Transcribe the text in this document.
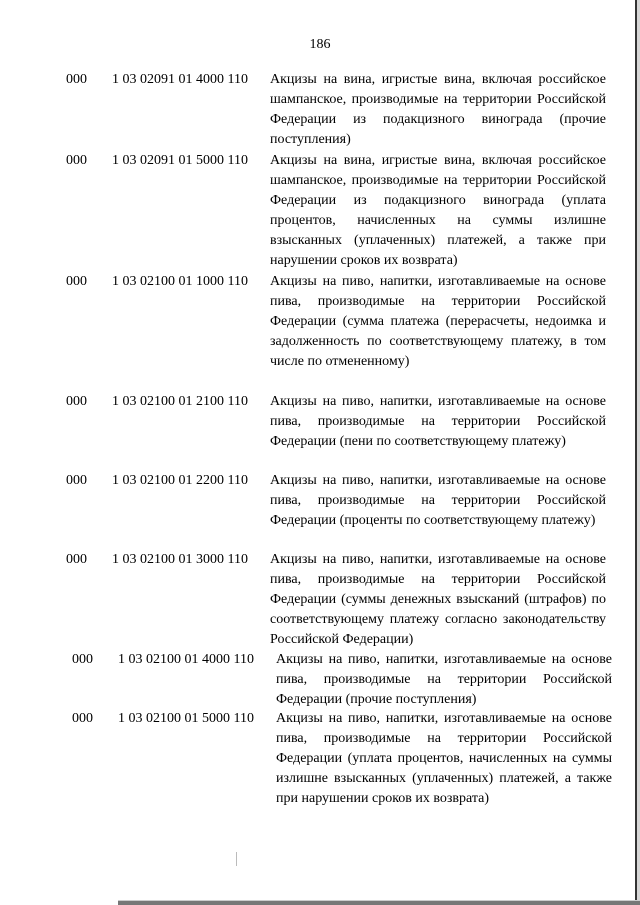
186
000 1 03 02091 01 4000 110 Акцизы на вина, игристые вина, включая российское шампанское, производимые на территории Российской Федерации из подакцизного винограда (прочие поступления)
000 1 03 02091 01 5000 110 Акцизы на вина, игристые вина, включая российское шампанское, производимые на территории Российской Федерации из подакцизного винограда (уплата процентов, начисленных на суммы излишне взысканных (уплаченных) платежей, а также при нарушении сроков их возврата)
000 1 03 02100 01 1000 110 Акцизы на пиво, напитки, изготавливаемые на основе пива, производимые на территории Российской Федерации (сумма платежа (перерасчеты, недоимка и задолженность по соответствующему платежу, в том числе по отмененному)
000 1 03 02100 01 2100 110 Акцизы на пиво, напитки, изготавливаемые на основе пива, производимые на территории Российской Федерации (пени по соответствующему платежу)
000 1 03 02100 01 2200 110 Акцизы на пиво, напитки, изготавливаемые на основе пива, производимые на территории Российской Федерации (проценты по соответствующему платежу)
000 1 03 02100 01 3000 110 Акцизы на пиво, напитки, изготавливаемые на основе пива, производимые на территории Российской Федерации (суммы денежных взысканий (штрафов) по соответствующему платежу согласно законодательству Российской Федерации)
000 1 03 02100 01 4000 110 Акцизы на пиво, напитки, изготавливаемые на основе пива, производимые на территории Российской Федерации (прочие поступления)
000 1 03 02100 01 5000 110 Акцизы на пиво, напитки, изготавливаемые на основе пива, производимые на территории Российской Федерации (уплата процентов, начисленных на суммы излишне взысканных (уплаченных) платежей, а также при нарушении сроков их возврата)
